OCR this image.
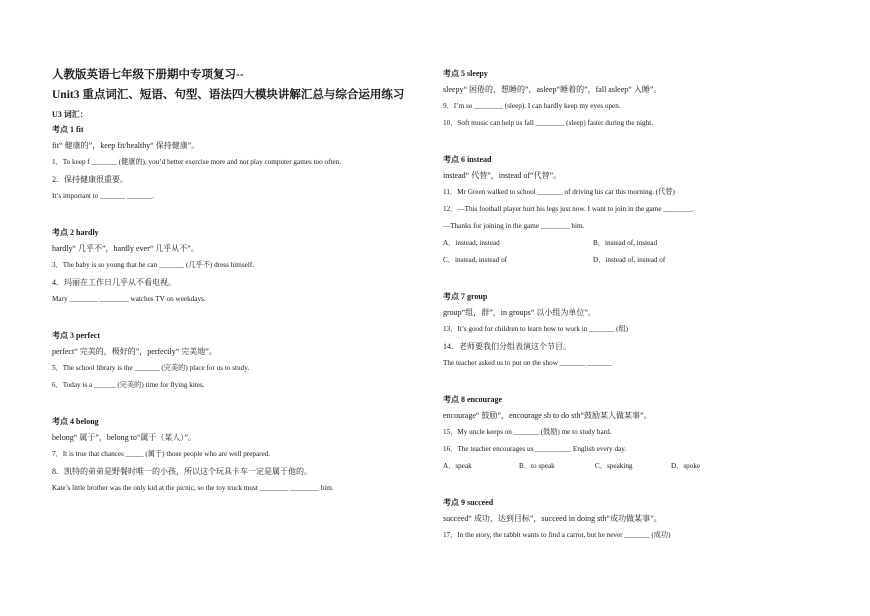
人教版英语七年级下册期中专项复习--
Unit3 重点词汇、短语、句型、语法四大模块讲解汇总与综合运用练习
U3 词汇：
考点 1 fit
fit“ 健康的”，keep fit/healthy“ 保持健康”。
1．To keep f _______ (健康的), you’d better exercise more and not play computer games too often.
2．保持健康很重要。
It’s important to _______ _______.
考点 2 hardly
hardly“ 几乎不”，hardly ever“ 几乎从不”。
3．The baby is so young that he can _______ (几乎不) dress himself.
4．玛丽在工作日几乎从不看电视。
Mary ________ ________ watches TV on weekdays.
考点 3 perfect
perfect“ 完美的，极好的”，perfectly“ 完美地”。
5．The school library is the _______ (完美的) place for us to study.
6．Today is a ______ (完美的) time for flying kites.
考点 4 belong
belong“ 属于”，belong to“属于（某人）”。
7．It is true that chances _____ (属于) those people who are well prepared.
8．凯特的弟弟是野餐时唯一的小孩，所以这个玩具卡车一定是属于他的。
Kate’s little brother was the only kid at the picnic, so the toy truck must ________ ________ him.
考点 5 sleepy
sleepy“ 困倦的，想睡的”，asleep“睡着的”，fall asleep“ 入睡”。
9．I’m so ________ (sleep). I can hardly keep my eyes open.
10．Soft music can help us fall ________ (sleep) faster during the night.
考点 6 instead
instead“ 代替”，instead of“代替”。
11．Mr Green walked to school _______ of driving his car this morning. (代替)
12．—This football player hurt his legs just now. I want to join in the game ________.
—Thanks for joining in the game ________ him.
A．instead, instead	B．instead of, instead
C．instead, instead of	D．instead of, instead of
考点 7 group
group“组，群”，in groups“ 以小组为单位”。
13．It’s good for children to learn how to work in _______ (组)
14．老师要我们分组表演这个节目。
The teacher asked us to put on the show _______ _______
考点 8 encourage
encourage“ 鼓励”，encourage sb to do sth“鼓励某人做某事”。
15．My uncle keeps on _______ (鼓励) me to study hard.
16．The teacher encourages us __________ English every day.
A．speak	B．to speak	C．speaking	D．spoke
考点 9 succeed
succeed“ 成功，达到目标”，succeed in doing sth“成功做某事”。
17．In the story, the rabbit wants to find a carrot, but he never _______ (成功)
